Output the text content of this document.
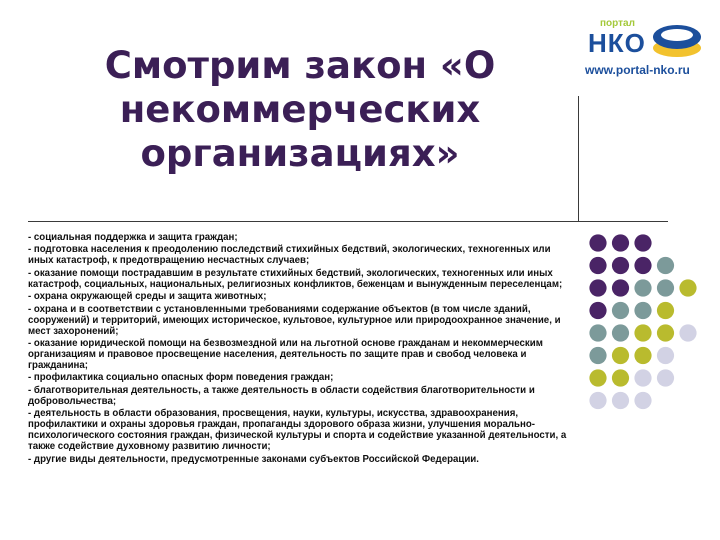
Смотрим закон «О
некоммерческих
организациях»
портал
НКО
www.portal-nko.ru
- социальная поддержка и защита граждан;
- подготовка населения к преодолению последствий стихийных бедствий, экологических, техногенных или иных катастроф, к предотвращению несчастных случаев;
- оказание помощи пострадавшим в результате стихийных бедствий, экологических, техногенных или иных катастроф, социальных, национальных, религиозных конфликтов, беженцам и вынужденным переселенцам;
- охрана окружающей среды и защита животных;
- охрана и в соответствии с установленными требованиями содержание объектов (в том числе зданий, сооружений) и территорий, имеющих историческое, культовое, культурное или природоохранное значение, и мест захоронений;
- оказание юридической помощи на безвозмездной или на льготной основе гражданам и некоммерческим организациям и правовое просвещение населения, деятельность по защите прав и свобод человека и гражданина;
- профилактика социально опасных форм поведения граждан;
- благотворительная деятельность, а также деятельность в области содействия благотворительности и добровольчества;
- деятельность в области образования, просвещения, науки, культуры, искусства, здравоохранения, профилактики и охраны здоровья граждан, пропаганды здорового образа жизни, улучшения морально-психологического состояния граждан, физической культуры и спорта и содействие указанной деятельности, а также содействие духовному развитию личности;
- другие виды деятельности, предусмотренные законами субъектов Российской Федерации.
